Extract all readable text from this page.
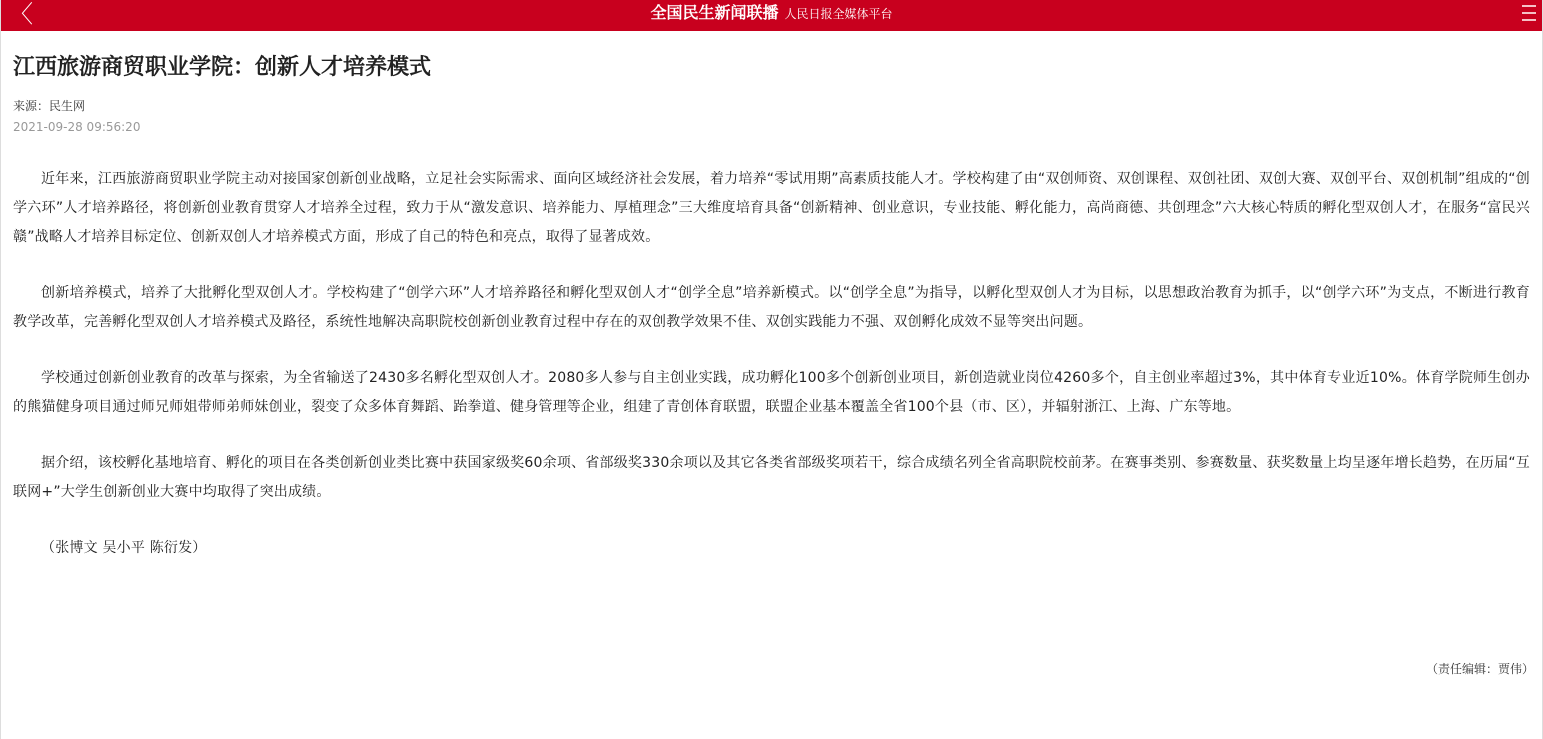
〈	全国民生新闻联播 人民日报全媒体平台
江西旅游商贸职业学院：创新人才培养模式
来源：民生网
2021-09-28 09:56:20

近年来，江西旅游商贸职业学院主动对接国家创新创业战略，立足社会实际需求、面向区域经济社会发展，着力培养“零试用期”高素质技能人才。学校构建了由“双创师资、双创课程、双创社团、双创大赛、双创平台、双创机制”组成的“创学六环”人才培养路径，将创新创业教育贯穿人才培养全过程，致力于从“激发意识、培养能力、厚植理念”三大维度培育具备“创新精神、创业意识，专业技能、孵化能力，高尚商德、共创理念”六大核心特质的孵化型双创人才，在服务“富民兴赣”战略人才培养目标定位、创新双创人才培养模式方面，形成了自己的特色和亮点，取得了显著成效。

创新培养模式，培养了大批孵化型双创人才。学校构建了“创学六环”人才培养路径和孵化型双创人才“创学全息”培养新模式。以“创学全息”为指导，以孵化型双创人才为目标，以思想政治教育为抓手，以“创学六环”为支点，不断进行教育教学改革，完善孵化型双创人才培养模式及路径，系统性地解决高职院校创新创业教育过程中存在的双创教学效果不佳、双创实践能力不强、双创孵化成效不显等突出问题。

学校通过创新创业教育的改革与探索，为全省输送了2430多名孵化型双创人才。2080多人参与自主创业实践，成功孵化100多个创新创业项目，新创造就业岗位4260多个，自主创业率超过3%，其中体育专业近10%。体育学院师生创办的熊猫健身项目通过师兄师姐带师弟师妹创业，裂变了众多体育舞蹈、跆拳道、健身管理等企业，组建了青创体育联盟，联盟企业基本覆盖全省100个县（市、区），并辐射浙江、上海、广东等地。

据介绍，该校孵化基地培育、孵化的项目在各类创新创业类比赛中获国家级奖60余项、省部级奖330余项以及其它各类省部级奖项若干，综合成绩名列全省高职院校前茅。在赛事类别、参赛数量、获奖数量上均呈逐年增长趋势，在历届“互联网+”大学生创新创业大赛中均取得了突出成绩。

（张博文 吴小平 陈衍发）

（责任编辑：贾伟）
